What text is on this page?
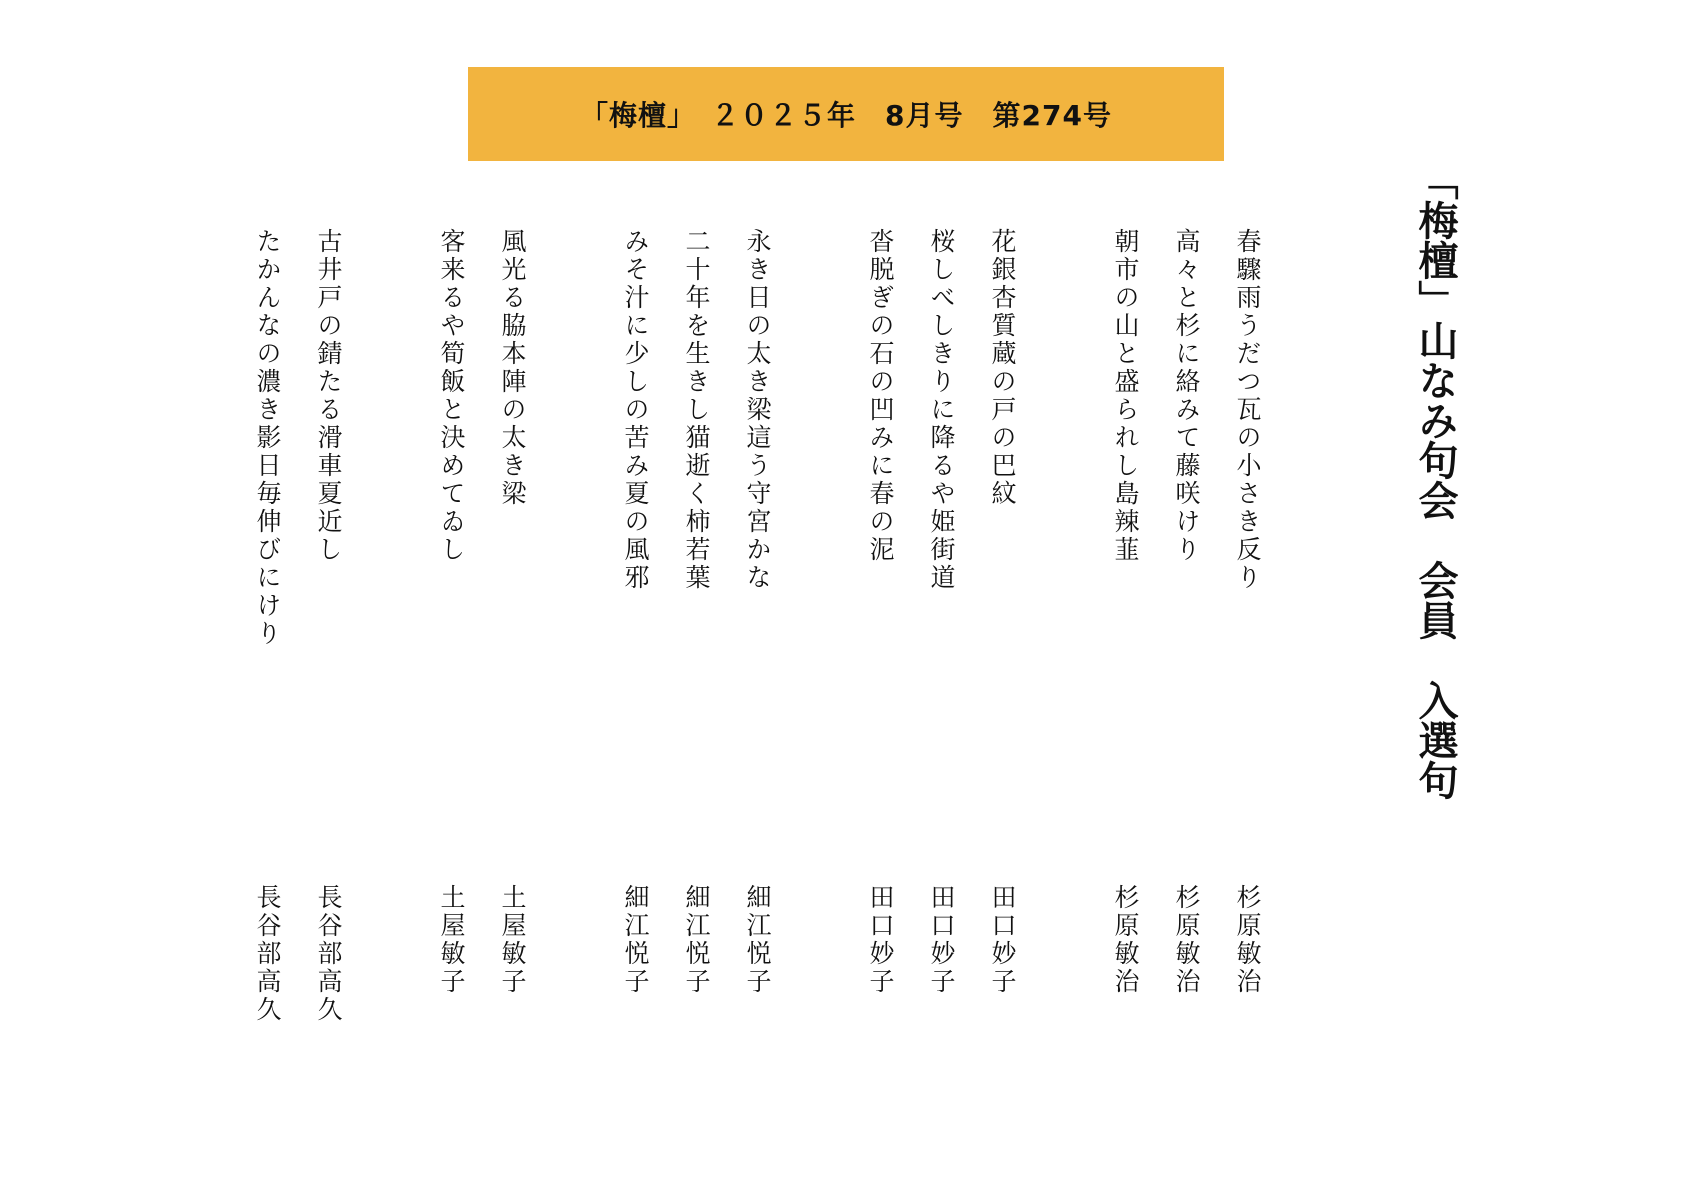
「梅檀」　２０２５年　8月号　第274号
「梅檀」山なみ句会　会員　入選句
春驟雨うだつ瓦の小さき反り
高々と杉に絡みて藤咲けり
朝市の山と盛られし島辣韮
花銀杏質蔵の戸の巴紋
桜しべしきりに降るや姫街道
沓脱ぎの石の凹みに春の泥
永き日の太き梁這う守宮かな
二十年を生きし猫逝く柿若葉
みそ汁に少しの苦み夏の風邪
風光る脇本陣の太き梁
客来るや筍飯と決めてゐし
古井戸の錆たる滑車夏近し
たかんなの濃き影日毎伸びにけり
杉原敏治
杉原敏治
杉原敏治
田口妙子
田口妙子
田口妙子
細江悦子
細江悦子
細江悦子
土屋敏子
土屋敏子
長谷部高久
長谷部高久
